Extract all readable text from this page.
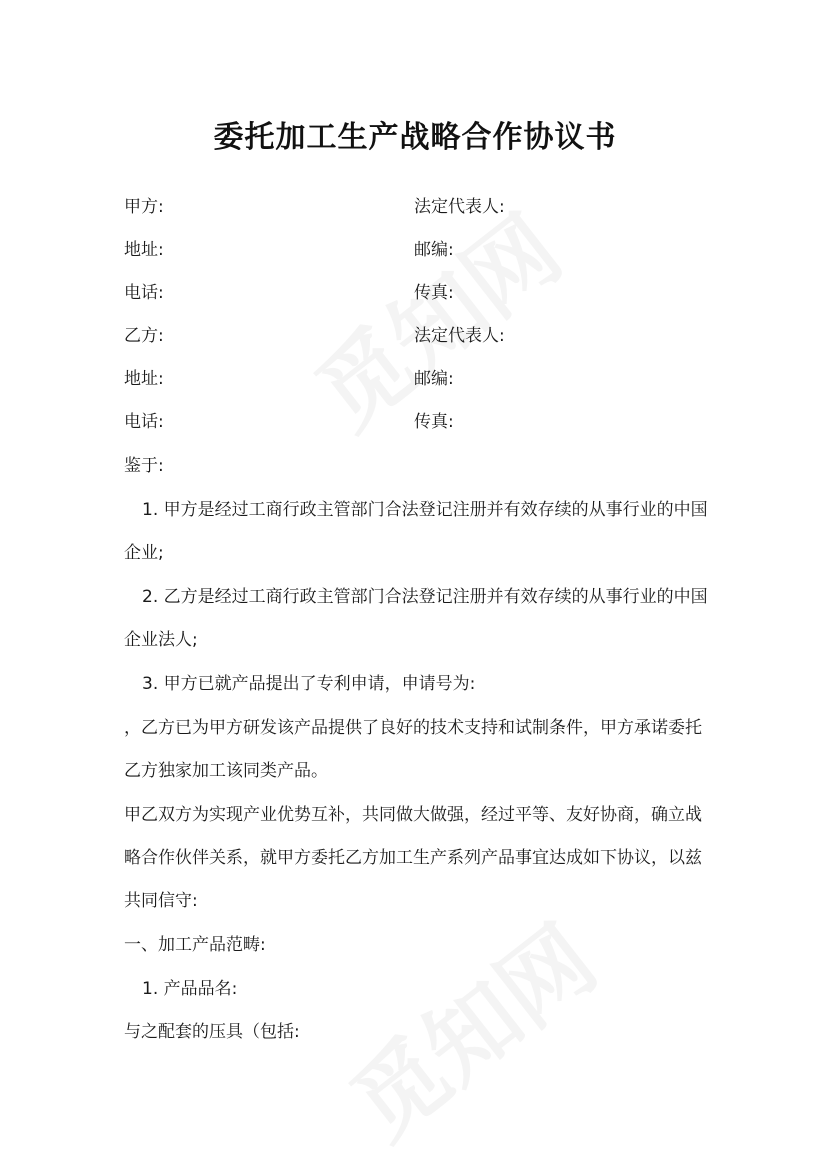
委托加工生产战略合作协议书
甲方:	法定代表人:
地址:	邮编:
电话:	传真:
乙方:	法定代表人:
地址:	邮编:
电话:	传真:
鉴于:
1. 甲方是经过工商行政主管部门合法登记注册并有效存续的从事行业的中国
企业;
2. 乙方是经过工商行政主管部门合法登记注册并有效存续的从事行业的中国
企业法人;
3. 甲方已就产品提出了专利申请，申请号为:
，乙方已为甲方研发该产品提供了良好的技术支持和试制条件，甲方承诺委托
乙方独家加工该同类产品。
甲乙双方为实现产业优势互补，共同做大做强，经过平等、友好协商，确立战
略合作伙伴关系，就甲方委托乙方加工生产系列产品事宜达成如下协议，以兹
共同信守:
一、加工产品范畴:
1. 产品品名:
与之配套的压具（包括:
